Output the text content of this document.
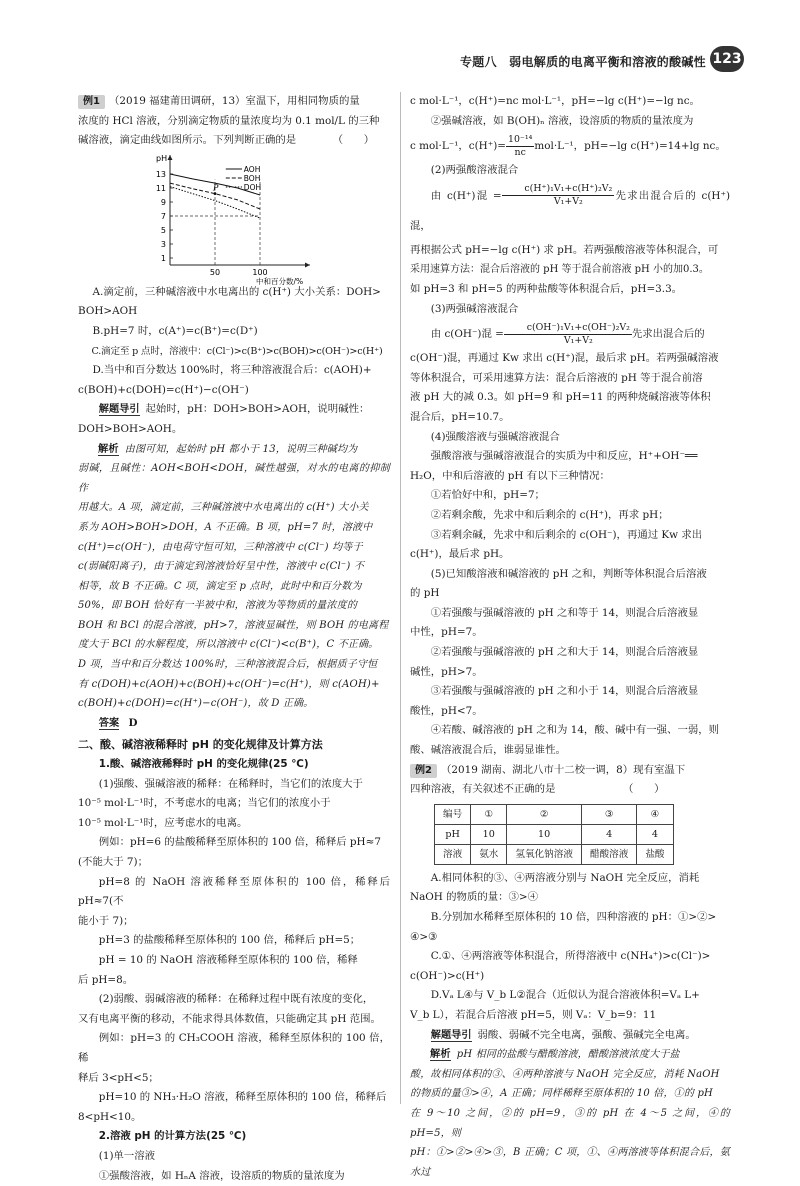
专题八　弱电解质的电离平衡和溶液的酸碱性 123

例1 （2019 福建莆田调研，13）室温下，用相同物质的量

浓度的 HCl 溶液，分别滴定物质的量浓度均为 0.1 mol/L 的三种

碱溶液，滴定曲线如图所示。下列判断正确的是　　　　（　　）

pH
中和百分数/%
13
11
9
7
5
3
1
50	100
AOH
BOH
DOH
P

A.滴定前，三种碱溶液中水电离出的 c(H⁺) 大小关系：DOH>

BOH>AOH

B.pH=7 时，c(A⁺)=c(B⁺)=c(D⁺)

C.滴定至 p 点时，溶液中：c(Cl⁻)>c(B⁺)>c(BOH)>c(OH⁻)>c(H⁺)

D.当中和百分数达 100%时，将三种溶液混合后：c(AOH)+

c(BOH)+c(DOH)=c(H⁺)−c(OH⁻)

解题导引 起始时，pH：DOH>BOH>AOH，说明碱性：

DOH>BOH>AOH。

解析 由图可知，起始时 pH 都小于 13，说明三种碱均为

弱碱，且碱性：AOH<BOH<DOH，碱性越强，对水的电离的抑制作

用越大。A 项，滴定前，三种碱溶液中水电离出的 c(H⁺) 大小关

系为 AOH>BOH>DOH，A 不正确。B 项，pH=7 时，溶液中

c(H⁺)=c(OH⁻)，由电荷守恒可知，三种溶液中 c(Cl⁻) 均等于

c(弱碱阳离子)，由于滴定到溶液恰好呈中性，溶液中 c(Cl⁻) 不

相等，故 B 不正确。C 项，滴定至 p 点时，此时中和百分数为

50%，即 BOH 恰好有一半被中和，溶液为等物质的量浓度的

BOH 和 BCl 的混合溶液，pH>7，溶液显碱性，则 BOH 的电离程

度大于 BCl 的水解程度，所以溶液中 c(Cl⁻)<c(B⁺)，C 不正确。

D 项，当中和百分数达 100%时，三种溶液混合后，根据质子守恒

有 c(DOH)+c(AOH)+c(BOH)+c(OH⁻)=c(H⁺)，则 c(AOH)+

c(BOH)+c(DOH)=c(H⁺)−c(OH⁻)，故 D 正确。

答案 D

二、酸、碱溶液稀释时 pH 的变化规律及计算方法

1.酸、碱溶液稀释时 pH 的变化规律(25 ℃)

(1)强酸、强碱溶液的稀释：在稀释时，当它们的浓度大于

10⁻⁵ mol·L⁻¹时，不考虑水的电离；当它们的浓度小于

10⁻⁵ mol·L⁻¹时，应考虑水的电离。

例如：pH=6 的盐酸稀释至原体积的 100 倍，稀释后 pH≈7

(不能大于 7)；

pH=8 的 NaOH 溶液稀释至原体积的 100 倍，稀释后 pH≈7(不

能小于 7)；

pH=3 的盐酸稀释至原体积的 100 倍，稀释后 pH=5；

pH = 10 的 NaOH 溶液稀释至原体积的 100 倍，稀释

后 pH=8。

(2)弱酸、弱碱溶液的稀释：在稀释过程中既有浓度的变化，

又有电离平衡的移动，不能求得具体数值，只能确定其 pH 范围。

例如：pH=3 的 CH₃COOH 溶液，稀释至原体积的 100 倍，稀

释后 3<pH<5；

pH=10 的 NH₃·H₂O 溶液，稀释至原体积的 100 倍，稀释后

8<pH<10。

2.溶液 pH 的计算方法(25 ℃)

(1)单一溶液

①强酸溶液，如 HₙA 溶液，设溶质的物质的量浓度为

c mol·L⁻¹，c(H⁺)=nc mol·L⁻¹，pH=−lg c(H⁺)=−lg nc。

②强碱溶液，如 B(OH)ₙ 溶液，设溶质的物质的量浓度为

c mol·L⁻¹，$c(H^+)= \frac{\text{10⁻¹⁴}}{nc} mol\cdot L^{-1}$，pH=−lg c(H⁺)=14+lg nc。

(2)两强酸溶液混合

由 c(H⁺)混 = $\frac{\text{c(H⁺)₁V₁+c(H⁺)₂V₂}}{\text{V₁+V₂}}$ 先求出混合后的 c(H⁺)混，

再根据公式 pH=−lg c(H⁺) 求 pH。若两强酸溶液等体积混合，可

采用速算方法：混合后溶液的 pH 等于混合前溶液 pH 小的加0.3。

如 pH=3 和 pH=5 的两种盐酸等体积混合后，pH=3.3。

(3)两强碱溶液混合

由 c(OH⁻)混 = $\frac{\text{c(OH⁻)₁V₁+c(OH⁻)₂V₂}}{\text{V₁+V₂}}$ 先求出混合后的

c(OH⁻)混，再通过 Kw 求出 c(H⁺)混，最后求 pH。若两强碱溶液

等体积混合，可采用速算方法：混合后溶液的 pH 等于混合前溶

液 pH 大的减 0.3。如 pH=9 和 pH=11 的两种烧碱溶液等体积

混合后，pH=10.7。

(4)强酸溶液与强碱溶液混合

强酸溶液与强碱溶液混合的实质为中和反应，H⁺+OH⁻══

H₂O，中和后溶液的 pH 有以下三种情况：

①若恰好中和，pH=7；

②若剩余酸，先求中和后剩余的 c(H⁺)，再求 pH；

③若剩余碱，先求中和后剩余的 c(OH⁻)，再通过 Kw 求出

c(H⁺)，最后求 pH。

(5)已知酸溶液和碱溶液的 pH 之和，判断等体积混合后溶液

的 pH

①若强酸与强碱溶液的 pH 之和等于 14，则混合后溶液显

中性，pH=7。

②若强酸与强碱溶液的 pH 之和大于 14，则混合后溶液显

碱性，pH>7。

③若强酸与强碱溶液的 pH 之和小于 14，则混合后溶液显

酸性，pH<7。

④若酸、碱溶液的 pH 之和为 14，酸、碱中有一强、一弱，则

酸、碱溶液混合后，谁弱显谁性。

例2 （2019 湖南、湖北八市十二校一调，8）现有室温下

四种溶液，有关叙述不正确的是　　　　　　　（　　）

编号	①	②	③	④
pH	10	10	4	4
溶液	氨水	氢氧化钠溶液	醋酸溶液	盐酸

A.相同体积的③、④两溶液分别与 NaOH 完全反应，消耗

NaOH 的物质的量：③>④

B.分别加水稀释至原体积的 10 倍，四种溶液的 pH：①>②>

④>③

C.①、④两溶液等体积混合，所得溶液中 c(NH₄⁺)>c(Cl⁻)>

c(OH⁻)>c(H⁺)

D.Vₐ L④与 V_b L②混合（近似认为混合溶液体积=Vₐ L+

V_b L），若混合后溶液 pH=5，则 Vₐ：V_b=9：11

解题导引 弱酸、弱碱不完全电离，强酸、强碱完全电离。

解析 pH 相同的盐酸与醋酸溶液，醋酸溶液浓度大于盐

酸，故相同体积的③、④两种溶液与 NaOH 完全反应，消耗 NaOH

的物质的量③>④，A 正确；同样稀释至原体积的 10 倍，①的 pH

在 9～10 之间，②的 pH=9，③的 pH 在 4～5 之间，④的 pH=5，则

pH：①>②>④>③，B 正确；C 项，①、④两溶液等体积混合后，氨水过
